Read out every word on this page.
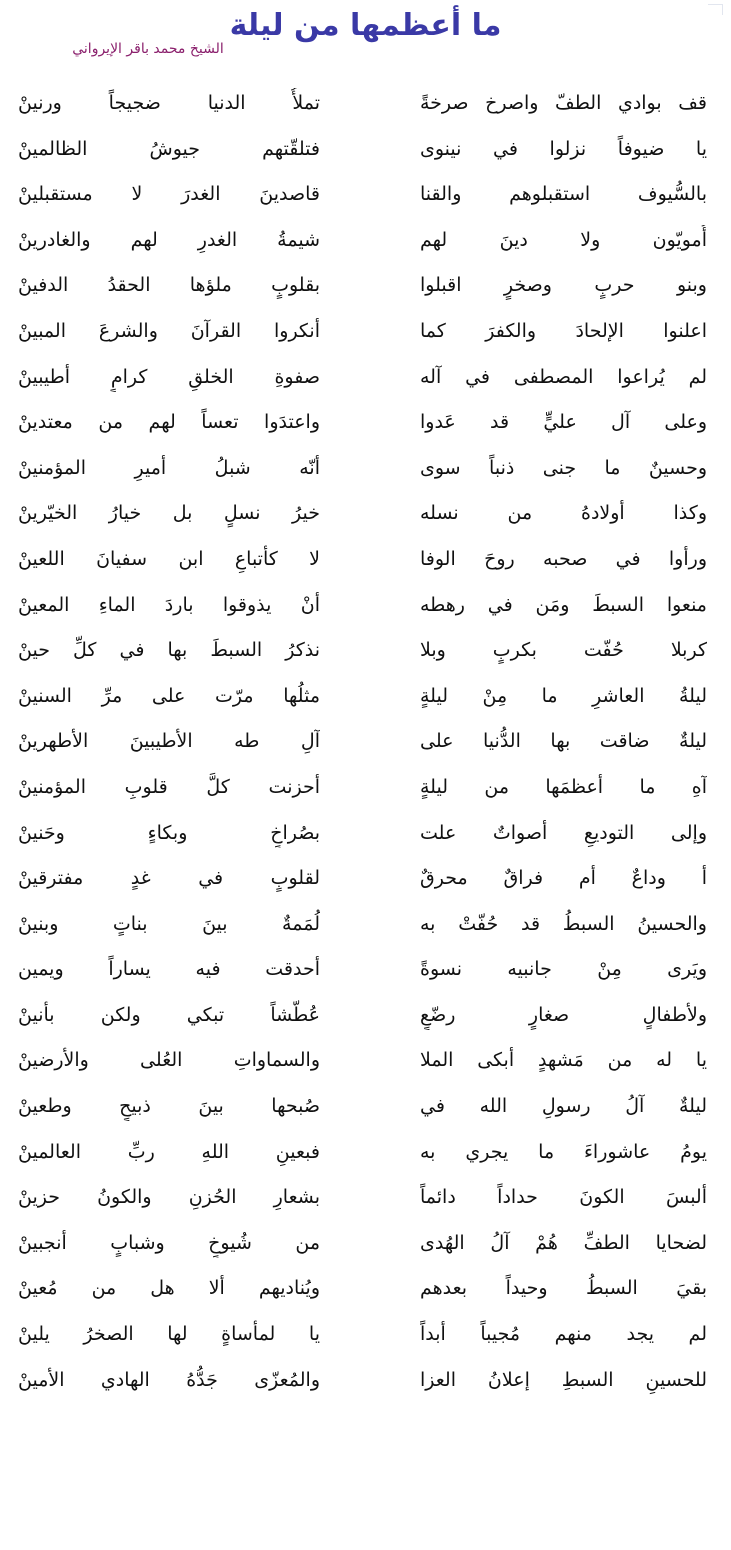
ما أعظمها من ليلة
الشيخ محمد باقر الإيرواني
قف بوادي الطفّ واصرخ صرخةً
تملأُ الدنيا ضجيجاً ورنينْ
يا ضيوفاً نزلوا في نينوى
فتلقّتهم جيوشُ الظالمينْ
بالسُّيوف استقبلوهم والقنا
قاصدينَ الغدرَ لا مستقبلينْ
أُمويّون ولا دينَ لهم
شيمةُ الغدرِ لهم والغادرينْ
وبنو حربٍ وصخرٍ اقبلوا
بقلوبٍ ملؤها الحقدُ الدفينْ
اعلنوا الإلحادَ والكفرَ كما
أنكروا القرآنَ والشرعَ المبينْ
لم يُراعوا المصطفى في آله
صفوةِ الخلقِ كرامٍ أطيبينْ
وعلى آل عليٍّ قد عَدوا
واعتدَوا تعساً لهم من معتدينْ
وحسينٌ ما جنى ذنباً سوى
أنّه شبلُ أميرِ المؤمنينْ
وكذا أولادهُ من نسله
خيرُ نسلٍ بل خيارُ الخيّرينْ
ورأوا في صحبه روحَ الوفا
لا كأتباعِ ابن سفيانَ اللعينْ
منعوا السبطَ ومَن في رهطه
أنْ يذوقوا باردَ الماءِ المعينْ
كربلا حُفّت بكربٍ وبلا
نذكرُ السبطَ بها في كلِّ حينْ
ليلةُ العاشرِ ما مِنْ ليلةٍ
مثلُها مرّت على مرِّ السنينْ
ليلةٌ ضاقت بها الدُّنيا على
آلِ طه الأطيبينَ الأطهرينْ
آهِ ما أعظمَها من ليلةٍ
أحزنت كلَّ قلوبِ المؤمنينْ
وإلى التوديعِ أصواتٌ علت
بصُراخٍ وبكاءٍ وحَنينْ
أ وداعٌ أم فراقٌ محرقٌ
لقلوبٍ في غدٍ مفترقينْ
والحسينُ السبطُ قد حُفّتْ به
لُمَمةٌ بينَ بناتٍ وبنينْ
ويَرى مِنْ جانبيه نسوةً
أحدقت فيه يساراً ويمين
ولأطفالٍ صغارٍ رضّعٍ
عُطّشاً تبكي ولكن بأنينْ
يا له من مَشهدٍ أبكى الملا
والسماواتِ العُلى والأرضينْ
ليلةٌ آلُ رسولِ الله في
صُبحها بينَ ذبيحٍ وطعينْ
يومُ عاشوراءَ ما يجري به
فبعينِ اللهِ ربِّ العالمينْ
ألبسَ الكونَ حداداً دائماً
بشعارِ الحُزنِ والكونُ حزينْ
لضحايا الطفِّ هُمْ آلُ الهُدى
من شُيوخٍ وشبابٍ أنجبينْ
بقيَ السبطُ وحيداً بعدهم
ويُناديهم ألا هل من مُعينْ
لم يجد منهم مُجيباً أبداً
يا لمأساةٍ لها الصخرُ يلينْ
للحسينِ السبطِ إعلانُ العزا
والمُعزّى جَدُّهُ الهادي الأمينْ
